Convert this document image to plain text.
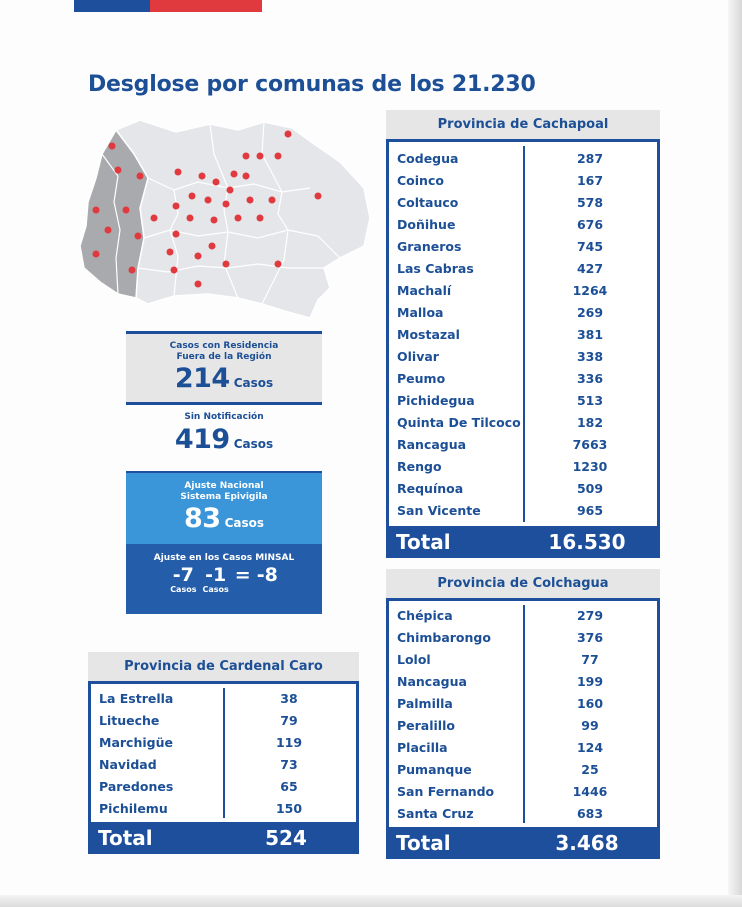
Desglose por comunas de los 21.230
Casos con Residencia
Fuera de la Región
214 Casos
Sin Notificación
419 Casos
Ajuste Nacional
Sistema Epivigila
83 Casos
Ajuste en los Casos MINSAL
-7
Casos
-1
Casos
= -8
Provincia de Cachapoal
Codegua	287
Coinco	167
Coltauco	578
Doñihue	676
Graneros	745
Las Cabras	427
Machalí	1264
Malloa	269
Mostazal	381
Olivar	338
Peumo	336
Pichidegua	513
Quinta De Tilcoco	182
Rancagua	7663
Rengo	1230
Requínoa	509
San Vicente	965
Total	16.530
Provincia de Colchagua
Chépica	279
Chimbarongo	376
Lolol	77
Nancagua	199
Palmilla	160
Peralillo	99
Placilla	124
Pumanque	25
San Fernando	1446
Santa Cruz	683
Total	3.468
Provincia de Cardenal Caro
La Estrella	38
Litueche	79
Marchigüe	119
Navidad	73
Paredones	65
Pichilemu	150
Total	524
